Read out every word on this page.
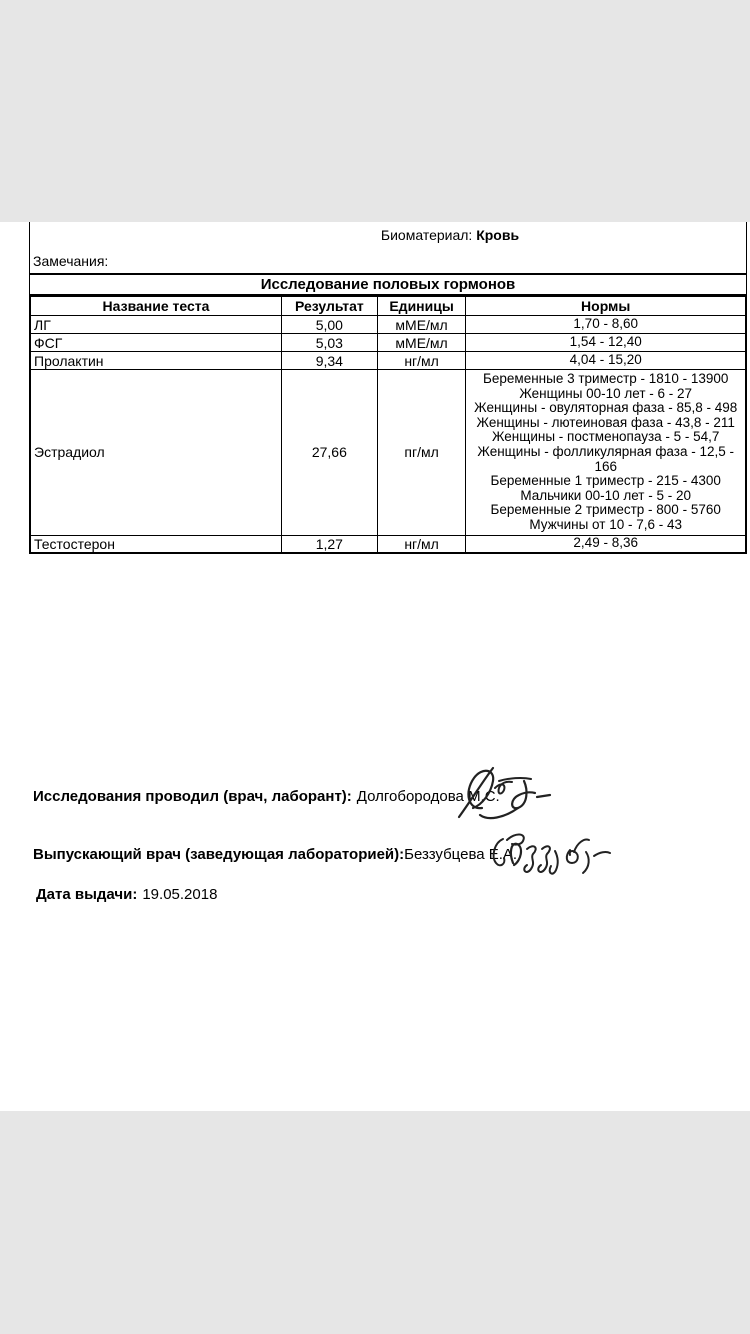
Биоматериал: Кровь
Замечания:
Исследование половых гормонов
Название теста	Результат	Единицы	Нормы
ЛГ	5,00	мМЕ/мл	1,70 - 8,60

ФСГ	5,03	мМЕ/мл	1,54 - 12,40

Пролактин	9,34	нг/мл	4,04 - 15,20

Эстрадиол	27,66	пг/мл	
Беременные 3 триместр - 1810 - 13900
Женщины 00-10 лет - 6 - 27
Женщины - овуляторная фаза - 85,8 - 498
Женщины - лютеиновая фаза - 43,8 - 211
Женщины - постменопауза - 5 - 54,7
Женщины - фолликулярная фаза - 12,5 - 166
Беременные 1 триместр - 215 - 4300
Мальчики 00-10 лет - 5 - 20
Беременные 2 триместр - 800 - 5760
Мужчины от 10 - 7,6 - 43

Тестостерон	1,27	нг/мл	2,49 - 8,36
Исследования проводил (врач, лаборант): Долгобородова М.С.
Выпускающий врач (заведующая лабораторией):Беззубцева Е.А.
Дата выдачи: 19.05.2018
